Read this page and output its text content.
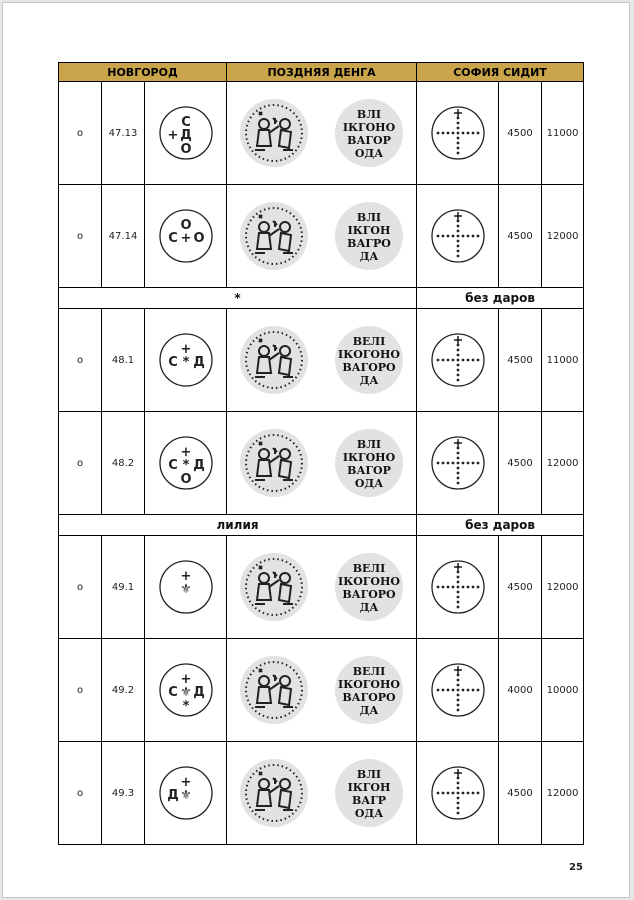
НОВГОРОД			ПОЗДНЯЯ ДЕНГА	СОФИЯ СИДИТ		
o	47.13	С
+ Д
О	ВЛІ
ІКГОНО
ВАГОР
ОДА		4500	11000
o	47.14	О
С + О	ВЛІ
ІКГОН
ВАГРО
ДА		4500	12000
*				без даров		
o	48.1	+
С * Д	ВЕЛІ
ІКОГОНО
ВАГОРО
ДА		4500	11000
o	48.2	+
С * Д
О	ВЛІ
ІКГОНО
ВАГОР
ОДА		4500	12000
лилия				без даров		
o	49.1	+
⚜	ВЕЛІ
ІКОГОНО
ВАГОРО
ДА		4500	12000
o	49.2	+
С ⚜ Д
*	ВЕЛІ
ІКОГОНО
ВАГОРО
ДА		4000	10000
o	49.3	+
Д ⚜	ВЛІ
ІКГОН
ВАГР
ОДА		4500	12000
25
